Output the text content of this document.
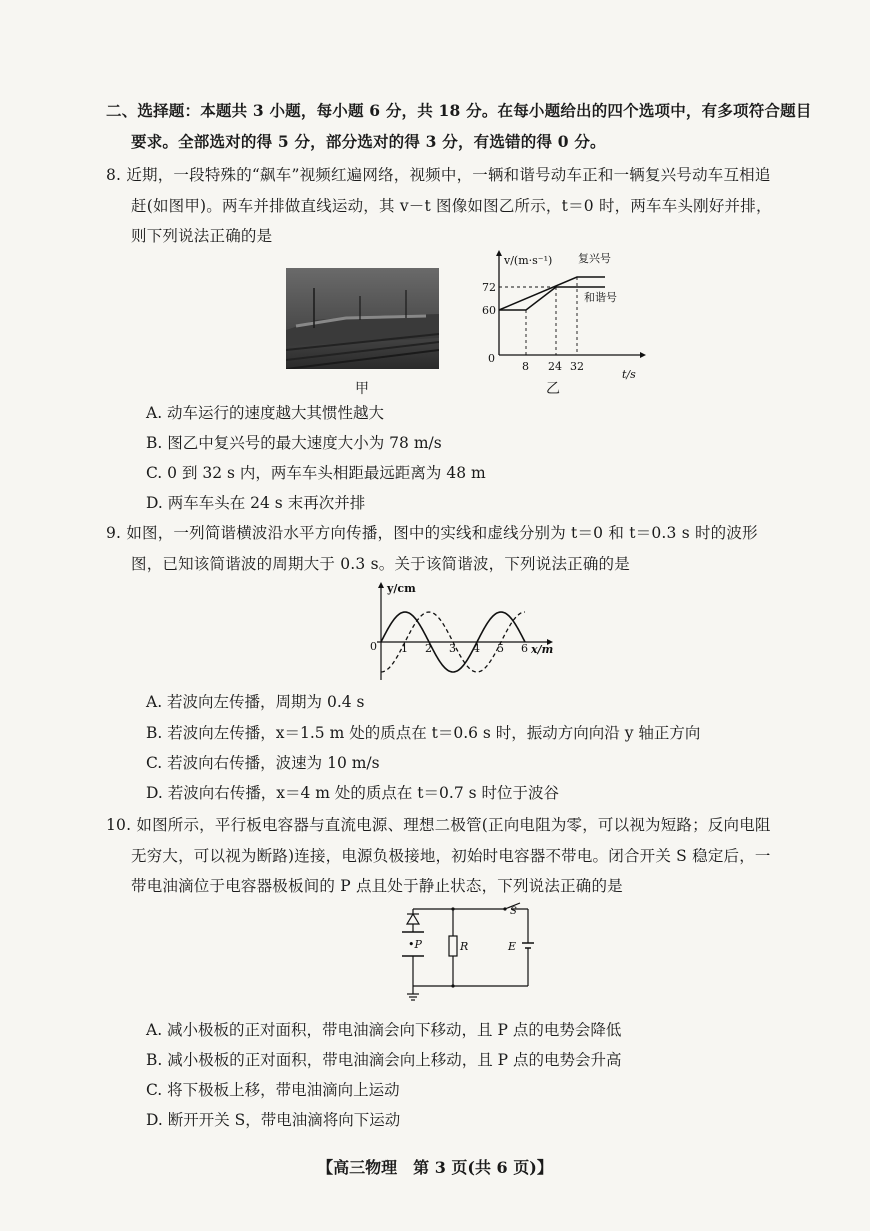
二、选择题：本题共 3 小题，每小题 6 分，共 18 分。在每小题给出的四个选项中，有多项符合题目
要求。全部选对的得 5 分，部分选对的得 3 分，有选错的得 0 分。
8. 近期，一段特殊的“飙车”视频红遍网络，视频中，一辆和谐号动车正和一辆复兴号动车互相追
赶(如图甲)。两车并排做直线运动，其 v－t 图像如图乙所示，t＝0 时，两车车头刚好并排，
则下列说法正确的是
甲
v/(m·s⁻¹)
t/s
0
72
60
8 24 32
复兴号
和谐号
乙
A. 动车运行的速度越大其惯性越大
B. 图乙中复兴号的最大速度大小为 78 m/s
C. 0 到 32 s 内，两车车头相距最远距离为 48 m
D. 两车车头在 24 s 末再次并排
9. 如图，一列简谐横波沿水平方向传播，图中的实线和虚线分别为 t＝0 和 t＝0.3 s 时的波形
图，已知该简谐波的周期大于 0.3 s。关于该简谐波，下列说法正确的是
y/cm
x/m
0 1 2 3 4 5 6
A. 若波向左传播，周期为 0.4 s
B. 若波向左传播，x＝1.5 m 处的质点在 t＝0.6 s 时，振动方向向沿 y 轴正方向
C. 若波向右传播，波速为 10 m/s
D. 若波向右传播，x＝4 m 处的质点在 t＝0.7 s 时位于波谷
10. 如图所示，平行板电容器与直流电源、理想二极管(正向电阻为零，可以视为短路；反向电阻
无穷大，可以视为断路)连接，电源负极接地，初始时电容器不带电。闭合开关 S 稳定后，一
带电油滴位于电容器极板间的 P 点且处于静止状态，下列说法正确的是
•P	R
S
E
A. 减小极板的正对面积，带电油滴会向下移动，且 P 点的电势会降低
B. 减小极板的正对面积，带电油滴会向上移动，且 P 点的电势会升高
C. 将下极板上移，带电油滴向上运动
D. 断开开关 S，带电油滴将向下运动
【高三物理　第 3 页(共 6 页)】
